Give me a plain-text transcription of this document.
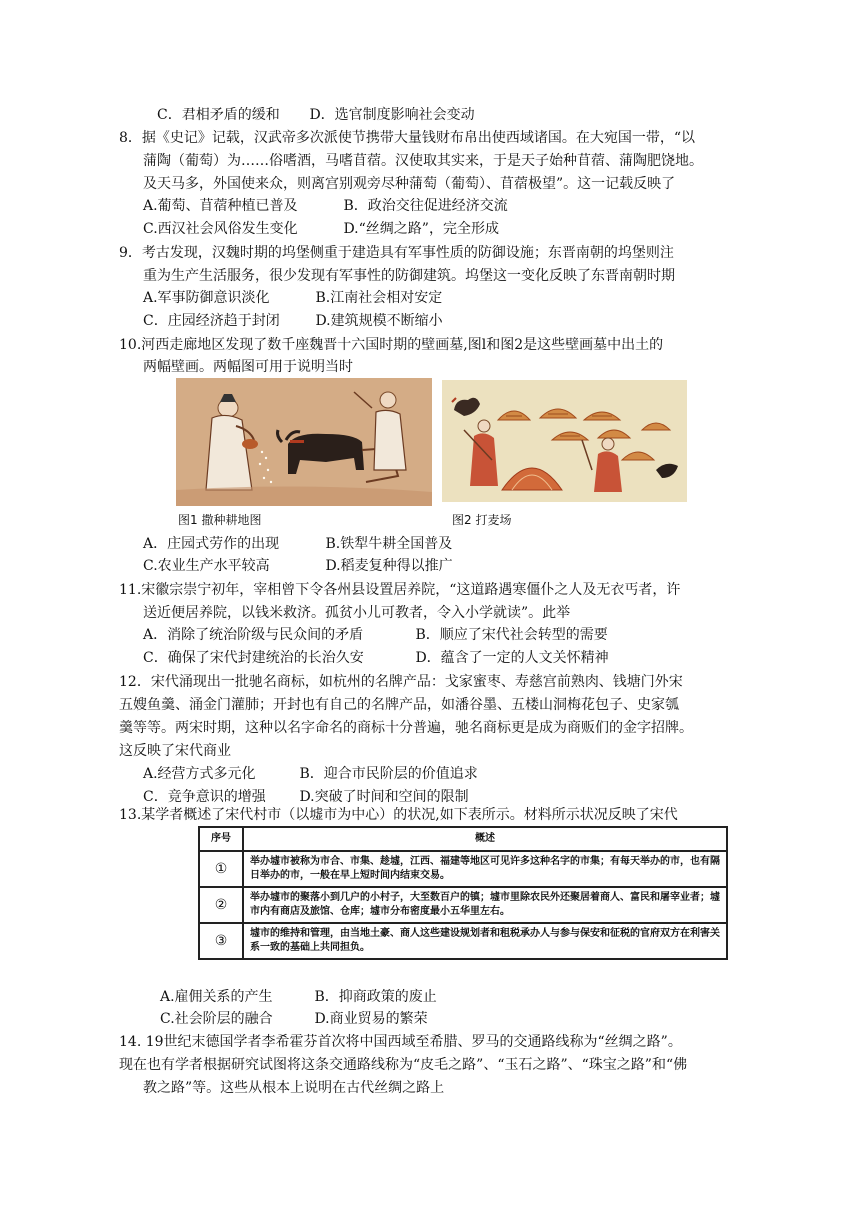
C．君相矛盾的缓和 D．选官制度影响社会变动
8．据《史记》记载，汉武帝多次派使节携带大量钱财布帛出使西域诸国。在大宛国一带，“以
蒲陶（葡萄）为……俗嗜酒，马嗜苜蓿。汉使取其实来，于是天子始种苜蓿、蒲陶肥饶地。
及天马多，外国使来众，则离宫别观旁尽种蒲萄（葡萄）、苜蓿极望”。这一记载反映了
A.葡萄、苜蓿种植已普及	B．政治交往促进经济交流
C.西汉社会风俗发生变化	D.“丝绸之路”，完全形成
9．考古发现，汉魏时期的坞堡侧重于建造具有军事性质的防御设施；东晋南朝的坞堡则注
重为生产生活服务，很少发现有军事性的防御建筑。坞堡这一变化反映了东晋南朝时期
A.军事防御意识淡化	B.江南社会相对安定
C．庄园经济趋于封闭	D.建筑规模不断缩小
10.河西走廊地区发现了数千座魏晋十六国时期的壁画墓,图l和图2是这些壁画墓中出土的
两幅壁画。两幅图可用于说明当时
图1 撒种耕地图	图2 打麦场
A．庄园式劳作的出现	B.铁犁牛耕全国普及
C.农业生产水平较高	D.稻麦复种得以推广
11.宋徽宗崇宁初年，宰相曾下令各州县设置居养院，“这道路遇寒僵仆之人及无衣丐者，许
送近便居养院，以钱米救济。孤贫小儿可教者，令入小学就读”。此举
A．消除了统治阶级与民众间的矛盾	B．顺应了宋代社会转型的需要
C．确保了宋代封建统治的长治久安	D．蕴含了一定的人文关怀精神
12．宋代涌现出一批驰名商标，如杭州的名牌产品：戈家蜜枣、寿慈宫前熟肉、钱塘门外宋
五嫂鱼羹、涌金门灌肺；开封也有自己的名牌产品，如潘谷墨、五楼山洞梅花包子、史家瓠
羹等等。两宋时期，这种以名字命名的商标十分普遍，驰名商标更是成为商贩们的金字招牌。
这反映了宋代商业
A.经营方式多元化	B．迎合市民阶层的价值追求
C．竞争意识的增强 D.突破了时间和空间的限制
13.某学者概述了宋代村市（以墟市为中心）的状况,如下表所示。材料所示状况反映了宋代
序号	概述
①	举办墟市被称为市合、市集、趁墟，江西、福建等地区可见许多这种名字的市集；有每天举办的市，也有隔日举办的市，一般在早上短时间内结束交易。
②	举办墟市的聚落小到几户的小村子，大至数百户的镇；墟市里除农民外还聚居着商人、富民和屠宰业者；墟市内有商店及旅馆、仓库；墟市分布密度最小五华里左右。
③	墟市的维持和管理，由当地土豪、商人这些建设规划者和租税承办人与参与保安和征税的官府双方在利害关系一致的基础上共同担负。
A.雇佣关系的产生	B．抑商政策的废止
C.社会阶层的融合	D.商业贸易的繁荣
14. 19世纪末德国学者李希霍芬首次将中国西域至希腊、罗马的交通路线称为“丝绸之路”。
现在也有学者根据研究试图将这条交通路线称为“皮毛之路”、“玉石之路”、“珠宝之路”和“佛
教之路”等。这些从根本上说明在古代丝绸之路上
